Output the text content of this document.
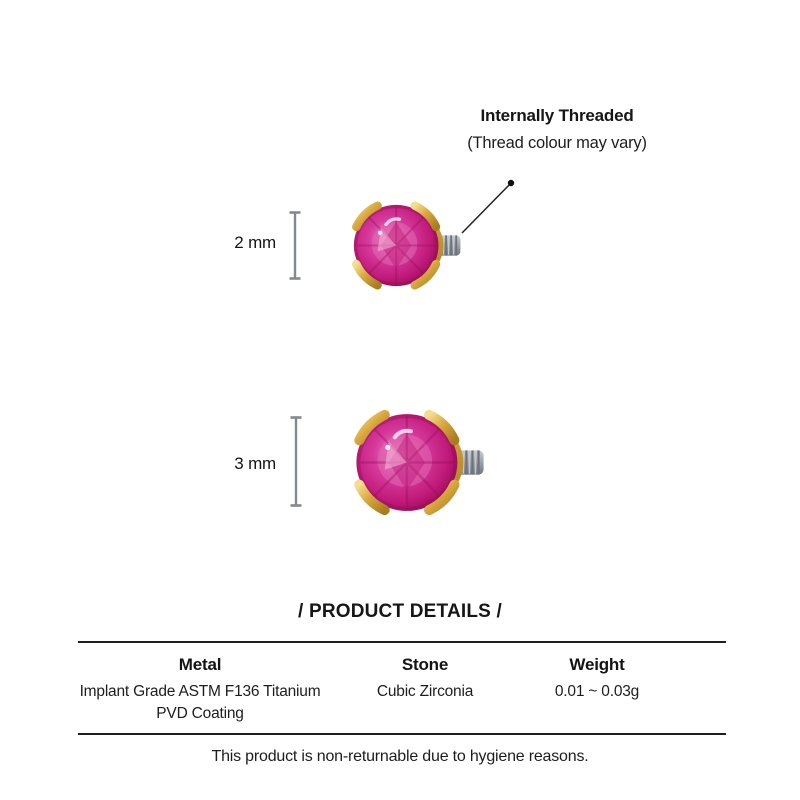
Internally Threaded
(Thread colour may vary)
2 mm
3 mm
/ PRODUCT DETAILS /
Metal
Implant Grade ASTM F136 Titanium
PVD Coating
Stone
Cubic Zirconia
Weight
0.01 ~ 0.03g
This product is non-returnable due to hygiene reasons.
